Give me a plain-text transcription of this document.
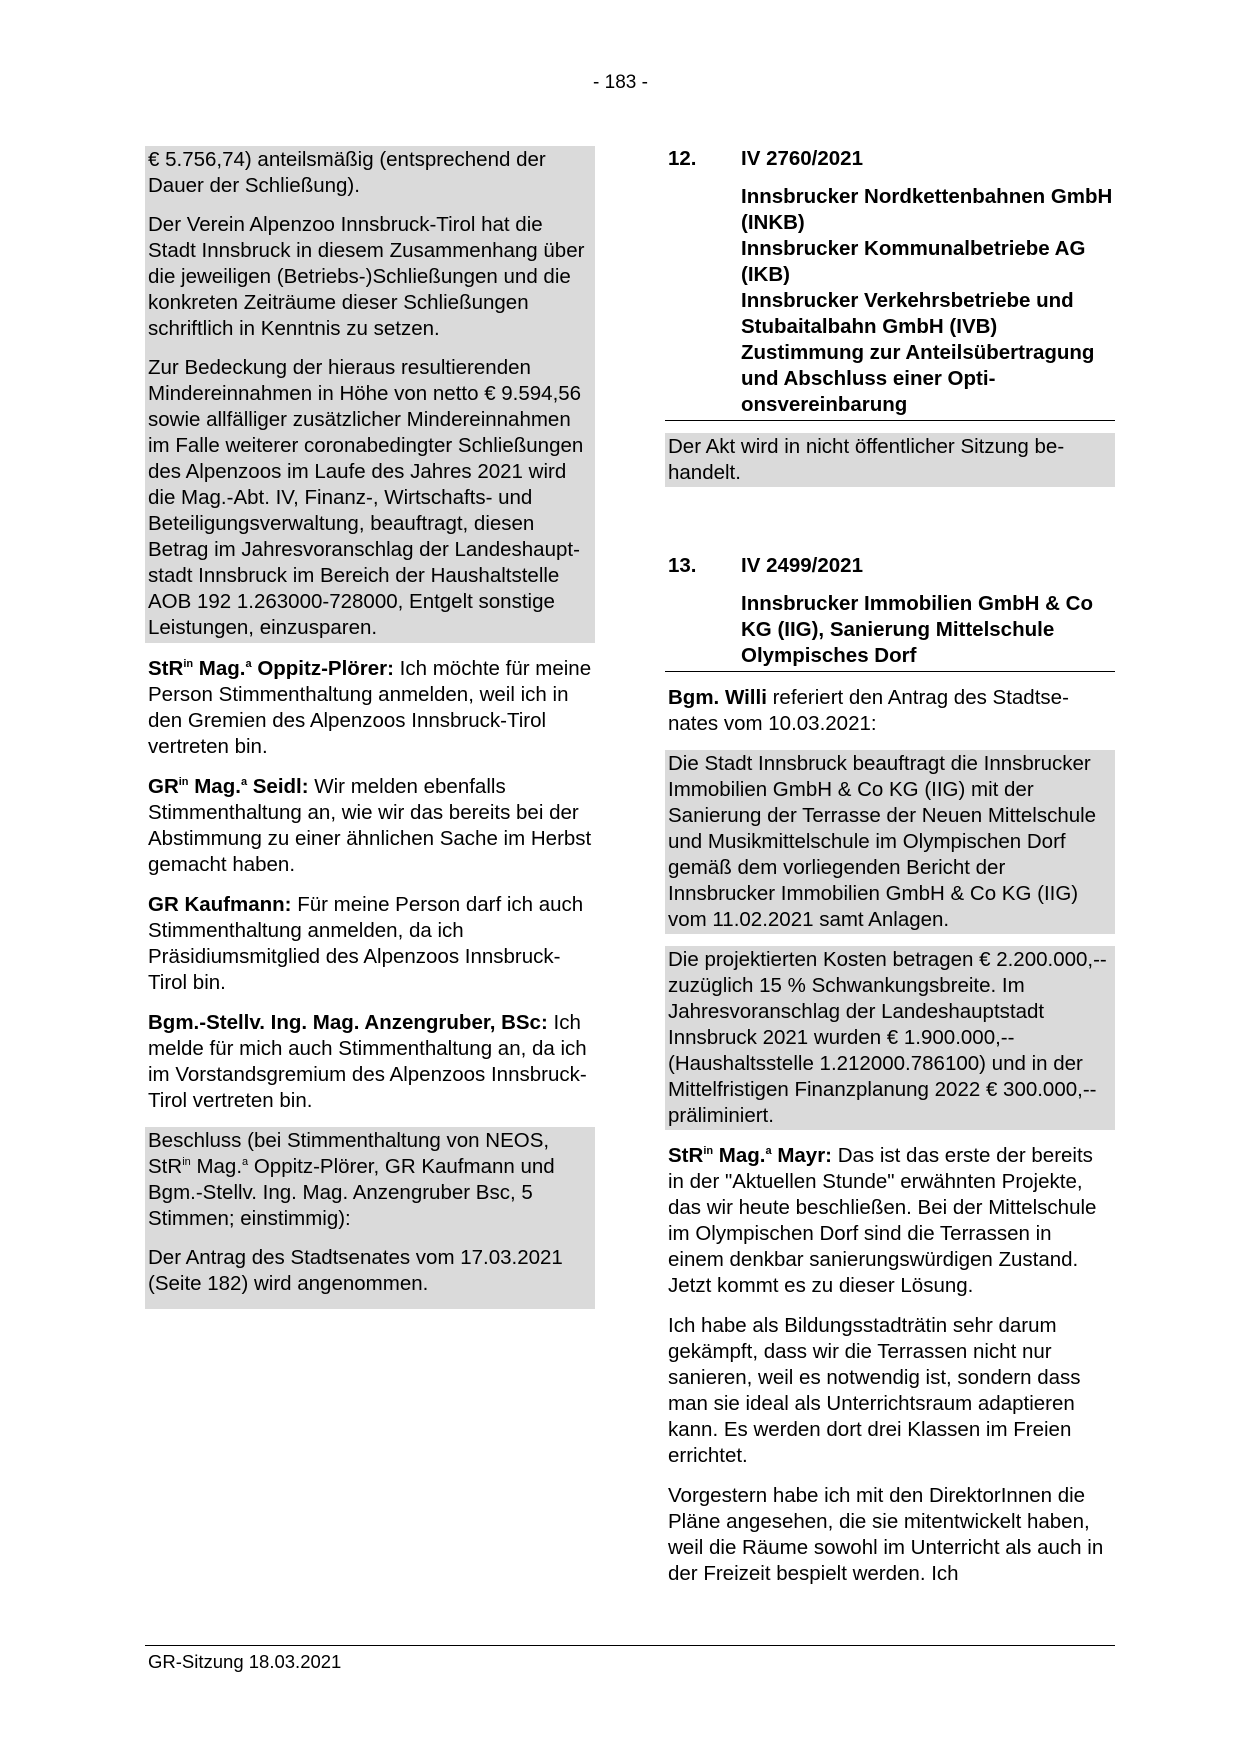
- 183 -

€ 5.756,74) anteilsmäßig (entsprechend der Dauer der Schließung).

Der Verein Alpenzoo Innsbruck-Tirol hat die Stadt Innsbruck in diesem Zusammenhang über die jeweiligen (Betriebs-)Schließungen und die konkreten Zeiträume dieser Schließungen schriftlich in Kenntnis zu setzen.

Zur Bedeckung der hieraus resultierenden Mindereinnahmen in Höhe von netto € 9.594,56 sowie allfälliger zusätzlicher Mindereinnahmen im Falle weiterer coronabedingter Schließungen des Alpenzoos im Laufe des Jahres 2021 wird die Mag.-Abt. IV, Finanz-, Wirtschafts- und Beteiligungsverwaltung, beauftragt, diesen Betrag im Jahresvoranschlag der Landeshauptstadt Innsbruck im Bereich der Haushaltstelle AOB 192 1.263000-728000, Entgelt sonstige Leistungen, einzusparen.

StR$^{in}$ Mag.$^a$ Oppitz-Plörer: Ich möchte für meine Person Stimmenthaltung anmelden, weil ich in den Gremien des Alpenzoos Innsbruck-Tirol vertreten bin.

$GR^{in}$ Mag.$^a$ Seidl: Wir melden ebenfalls Stimmenthaltung an, wie wir das bereits bei der Abstimmung zu einer ähnlichen Sache im Herbst gemacht haben.

GR Kaufmann: Für meine Person darf ich auch Stimmenthaltung anmelden, da ich Präsidiumsmitglied des Alpenzoos Innsbruck-Tirol bin.

Bgm.-Stellv. Ing. Mag. Anzengruber, BSc: Ich melde für mich auch Stimmenthaltung an, da ich im Vorstandsgremium des Alpenzoos Innsbruck-Tirol vertreten bin.

Beschluss (bei Stimmenthaltung von NEOS, StR$^{in}$ Mag.$^a$ Oppitz-Plörer, GR Kaufmann und Bgm.-Stellv. Ing. Mag. Anzengruber Bsc, 5 Stimmen; einstimmig):

Der Antrag des Stadtsenates vom 17.03.2021 (Seite 182) wird angenommen.

12.	IV 2760/2021
Innsbrucker Nordkettenbahnen GmbH (INKB)
Innsbrucker Kommunalbetriebe AG (IKB)
Innsbrucker Verkehrsbetriebe und Stubaitalbahn GmbH (IVB)
Zustimmung zur Anteilsübertragung und Abschluss einer Optionsvereinbarung

Der Akt wird in nicht öffentlicher Sitzung behandelt.

13.	IV 2499/2021
Innsbrucker Immobilien GmbH & Co KG (IIG), Sanierung Mittelschule Olympisches Dorf

Bgm. Willi referiert den Antrag des Stadtsenates vom 10.03.2021:

Die Stadt Innsbruck beauftragt die Innsbrucker Immobilien GmbH & Co KG (IIG) mit der Sanierung der Terrasse der Neuen Mittelschule und Musikmittelschule im Olympischen Dorf gemäß dem vorliegenden Bericht der Innsbrucker Immobilien GmbH & Co KG (IIG) vom 11.02.2021 samt Anlagen.

Die projektierten Kosten betragen € 2.200.000,-- zuzüglich 15 % Schwankungsbreite. Im Jahresvoranschlag der Landeshauptstadt Innsbruck 2021 wurden € 1.900.000,-- (Haushaltsstelle 1.212000.786100) und in der Mittelfristigen Finanzplanung 2022 € 300.000,-- präliminiert.

StR$^{in}$ Mag.$^a$ Mayr: Das ist das erste der bereits in der "Aktuellen Stunde" erwähnten Projekte, das wir heute beschließen. Bei der Mittelschule im Olympischen Dorf sind die Terrassen in einem denkbar sanierungswürdigen Zustand. Jetzt kommt es zu dieser Lösung.

Ich habe als Bildungsstadträtin sehr darum gekämpft, dass wir die Terrassen nicht nur sanieren, weil es notwendig ist, sondern dass man sie ideal als Unterrichtsraum adaptieren kann. Es werden dort drei Klassen im Freien errichtet.

Vorgestern habe ich mit den DirektorInnen die Pläne angesehen, die sie mitentwickelt haben, weil die Räume sowohl im Unterricht als auch in der Freizeit bespielt werden. Ich

GR-Sitzung 18.03.2021
